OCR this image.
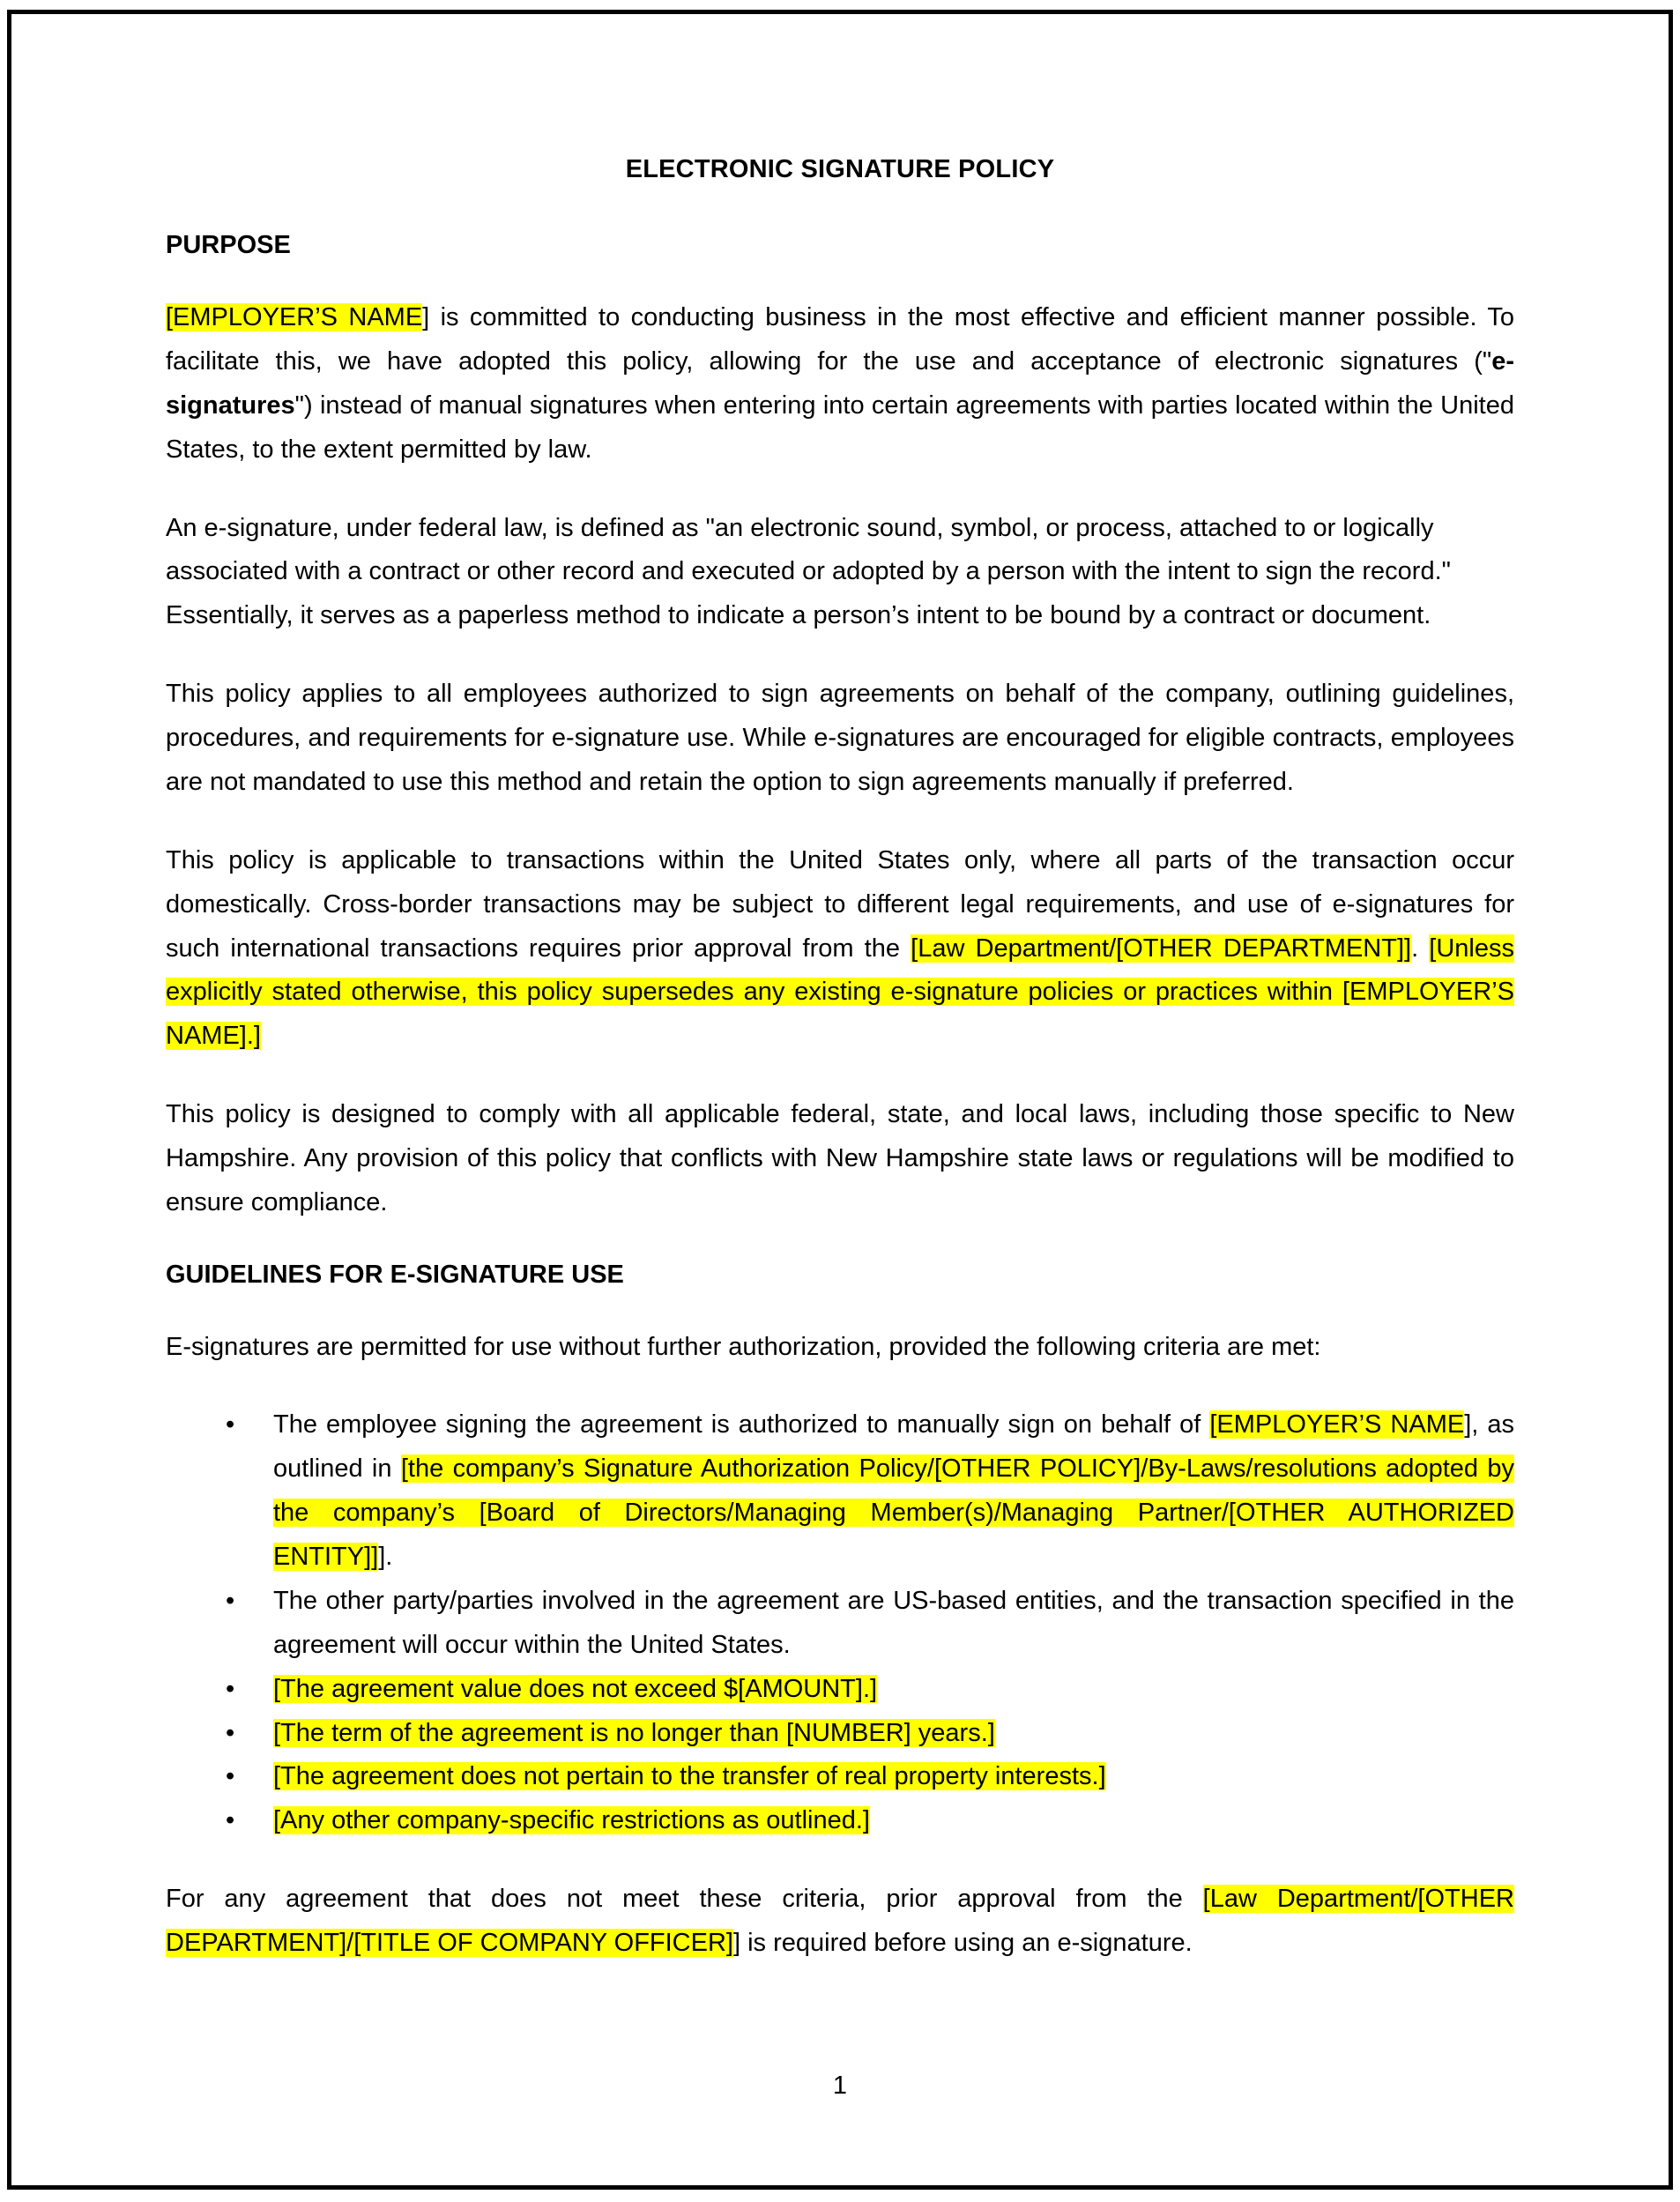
ELECTRONIC SIGNATURE POLICY
PURPOSE

[EMPLOYER’S NAME] is committed to conducting business in the most effective and efficient manner possible. To facilitate this, we have adopted this policy, allowing for the use and acceptance of electronic signatures ("e-signatures") instead of manual signatures when entering into certain agreements with parties located within the United States, to the extent permitted by law.

An e-signature, under federal law, is defined as "an electronic sound, symbol, or process, attached to or logically associated with a contract or other record and executed or adopted by a person with the intent to sign the record." Essentially, it serves as a paperless method to indicate a person’s intent to be bound by a contract or document.

This policy applies to all employees authorized to sign agreements on behalf of the company, outlining guidelines, procedures, and requirements for e-signature use. While e-signatures are encouraged for eligible contracts, employees are not mandated to use this method and retain the option to sign agreements manually if preferred.

This policy is applicable to transactions within the United States only, where all parts of the transaction occur domestically. Cross-border transactions may be subject to different legal requirements, and use of e-signatures for such international transactions requires prior approval from the [Law Department/[OTHER DEPARTMENT]]. [Unless explicitly stated otherwise, this policy supersedes any existing e-signature policies or practices within [EMPLOYER’S NAME].]

This policy is designed to comply with all applicable federal, state, and local laws, including those specific to New Hampshire. Any provision of this policy that conflicts with New Hampshire state laws or regulations will be modified to ensure compliance.

GUIDELINES FOR E-SIGNATURE USE

E-signatures are permitted for use without further authorization, provided the following criteria are met:

• The employee signing the agreement is authorized to manually sign on behalf of [EMPLOYER’S NAME], as outlined in [the company’s Signature Authorization Policy/[OTHER POLICY]/By-Laws/resolutions adopted by the company’s [Board of Directors/Managing Member(s)/Managing Partner/[OTHER AUTHORIZED ENTITY]]].
• The other party/parties involved in the agreement are US-based entities, and the transaction specified in the agreement will occur within the United States.
• [The agreement value does not exceed $[AMOUNT].]
• [The term of the agreement is no longer than [NUMBER] years.]
• [The agreement does not pertain to the transfer of real property interests.]
• [Any other company-specific restrictions as outlined.]

For any agreement that does not meet these criteria, prior approval from the [Law Department/[OTHER DEPARTMENT]/[TITLE OF COMPANY OFFICER]] is required before using an e-signature.

1
